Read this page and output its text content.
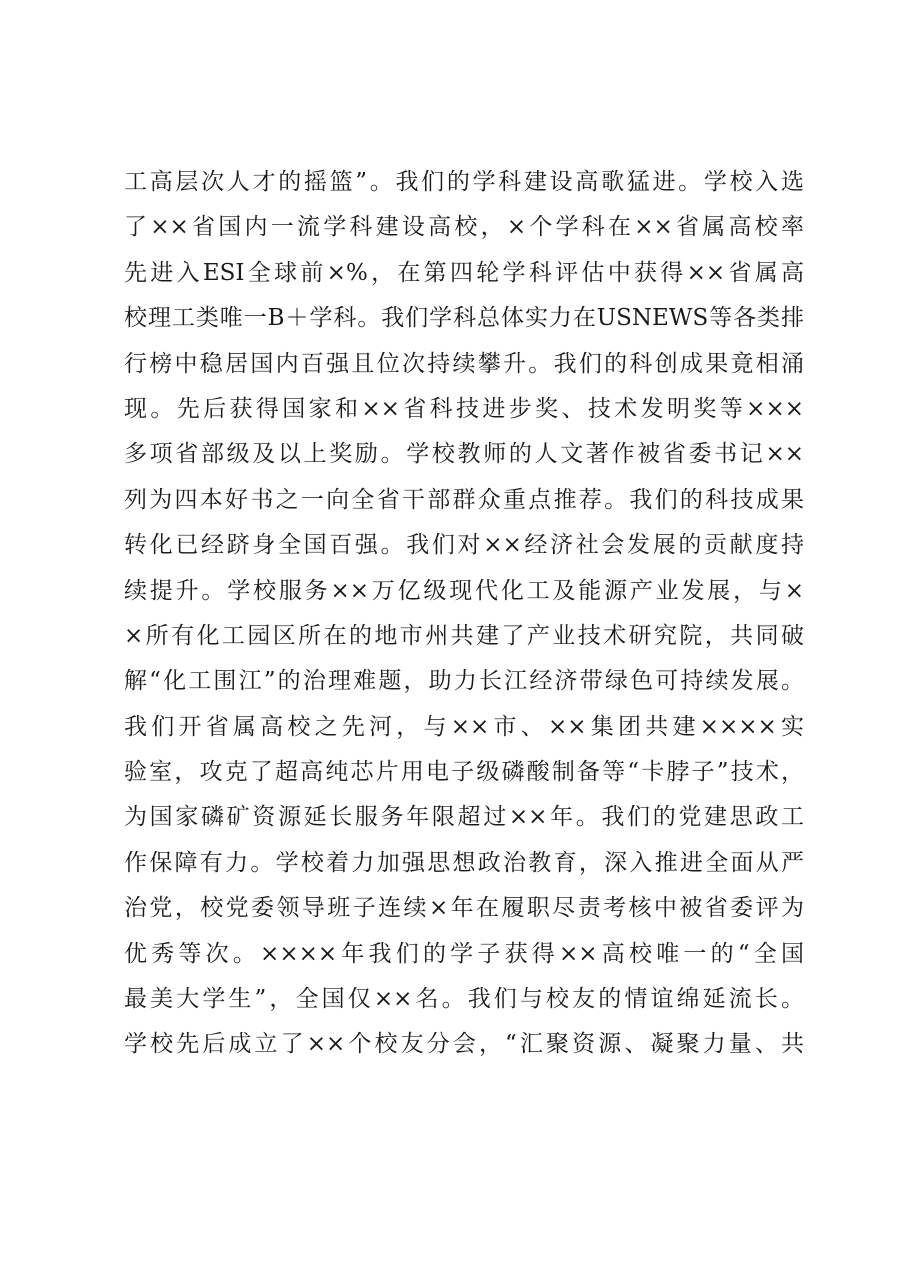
工高层次人才的摇篮”。我们的学科建设高歌猛进。学校入选
了××省国内一流学科建设高校，×个学科在××省属高校率
先进入ESI全球前×%，在第四轮学科评估中获得××省属高
校理工类唯一B＋学科。我们学科总体实力在USNEWS等各类排
行榜中稳居国内百强且位次持续攀升。我们的科创成果竟相涌
现。先后获得国家和××省科技进步奖、技术发明奖等×××
多项省部级及以上奖励。学校教师的人文著作被省委书记××
列为四本好书之一向全省干部群众重点推荐。我们的科技成果
转化已经跻身全国百强。我们对××经济社会发展的贡献度持
续提升。学校服务××万亿级现代化工及能源产业发展，与×
×所有化工园区所在的地市州共建了产业技术研究院，共同破
解“化工围江”的治理难题，助力长江经济带绿色可持续发展。
我们开省属高校之先河，与××市、××集团共建××××实
验室，攻克了超高纯芯片用电子级磷酸制备等“卡脖子”技术，
为国家磷矿资源延长服务年限超过××年。我们的党建思政工
作保障有力。学校着力加强思想政治教育，深入推进全面从严
治党，校党委领导班子连续×年在履职尽责考核中被省委评为
优秀等次。××××年我们的学子获得××高校唯一的“全国
最美大学生”，全国仅××名。我们与校友的情谊绵延流长。
学校先后成立了××个校友分会，“汇聚资源、凝聚力量、共
